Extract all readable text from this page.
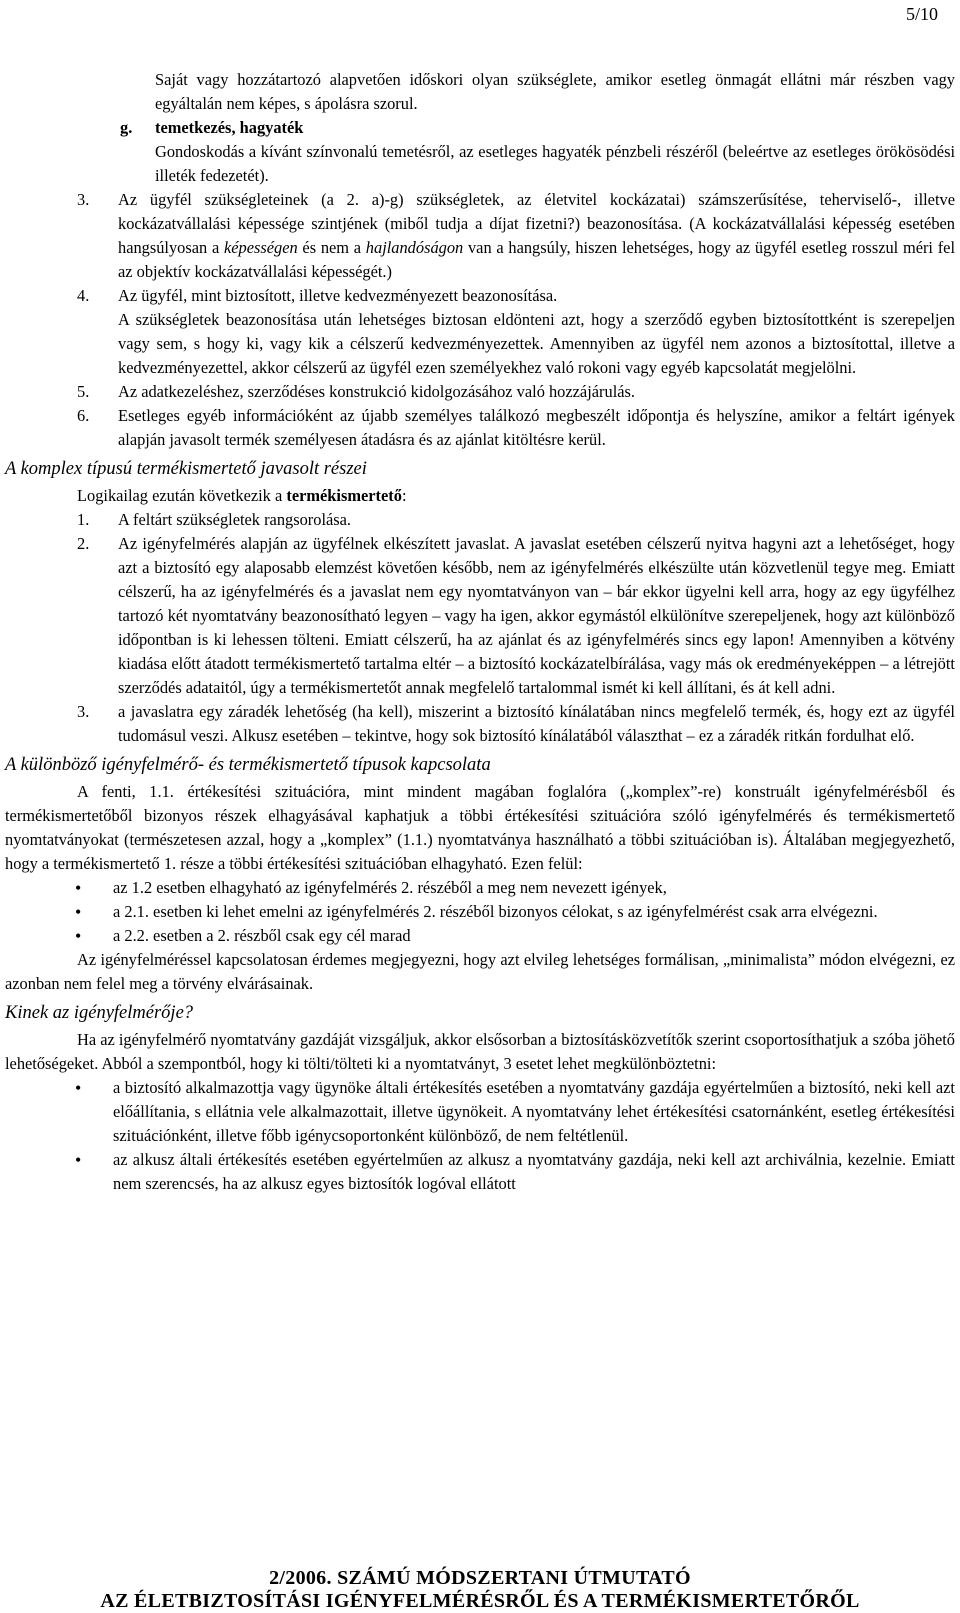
5/10

Saját vagy hozzátartozó alapvetően időskori olyan szükséglete, amikor esetleg önmagát ellátni már részben vagy egyáltalán nem képes, s ápolásra szorul.

g. temetkezés, hagyaték

Gondoskodás a kívánt színvonalú temetésről, az esetleges hagyaték pénzbeli részéről (beleértve az esetleges örökösödési illeték fedezetét).

3. Az ügyfél szükségleteinek (a 2. a)-g) szükségletek, az életvitel kockázatai) számszerűsítése, teherviselő-, illetve kockázatvállalási képessége szintjének (miből tudja a díjat fizetni?) beazonosítása. (A kockázatvállalási képesség esetében hangsúlyosan a képességen és nem a hajlandóságon van a hangsúly, hiszen lehetséges, hogy az ügyfél esetleg rosszul méri fel az objektív kockázatvállalási képességét.)

4. Az ügyfél, mint biztosított, illetve kedvezményezett beazonosítása.

A szükségletek beazonosítása után lehetséges biztosan eldönteni azt, hogy a szerződő egyben biztosítottként is szerepeljen vagy sem, s hogy ki, vagy kik a célszerű kedvezményezettek. Amennyiben az ügyfél nem azonos a biztosítottal, illetve a kedvezményezettel, akkor célszerű az ügyfél ezen személyekhez való rokoni vagy egyéb kapcsolatát megjelölni.

5. Az adatkezeléshez, szerződéses konstrukció kidolgozásához való hozzájárulás.

6. Esetleges egyéb információként az újabb személyes találkozó megbeszélt időpontja és helyszíne, amikor a feltárt igények alapján javasolt termék személyesen átadásra és az ajánlat kitöltésre kerül.

A komplex típusú termékismertető javasolt részei

Logikailag ezután következik a termékismertető:

1. A feltárt szükségletek rangsorolása.

2. Az igényfelmérés alapján az ügyfélnek elkészített javaslat. A javaslat esetében célszerű nyitva hagyni azt a lehetőséget, hogy azt a biztosító egy alaposabb elemzést követően később, nem az igényfelmérés elkészülte után közvetlenül tegye meg. Emiatt célszerű, ha az igényfelmérés és a javaslat nem egy nyomtatványon van – bár ekkor ügyelni kell arra, hogy az egy ügyfélhez tartozó két nyomtatvány beazonosítható legyen – vagy ha igen, akkor egymástól elkülönítve szerepeljenek, hogy azt különböző időpontban is ki lehessen tölteni. Emiatt célszerű, ha az ajánlat és az igényfelmérés sincs egy lapon! Amennyiben a kötvény kiadása előtt átadott termékismertető tartalma eltér – a biztosító kockázatelbírálása, vagy más ok eredményeképpen – a létrejött szerződés adataitól, úgy a termékismertetőt annak megfelelő tartalommal ismét ki kell állítani, és át kell adni.

3. a javaslatra egy záradék lehetőség (ha kell), miszerint a biztosító kínálatában nincs megfelelő termék, és, hogy ezt az ügyfél tudomásul veszi. Alkusz esetében – tekintve, hogy sok biztosító kínálatából választhat – ez a záradék ritkán fordulhat elő.

A különböző igényfelmérő- és termékismertető típusok kapcsolata

A fenti, 1.1. értékesítési szituációra, mint mindent magában foglalóra („komplex”-re) konstruált igényfelmérésből és termékismertetőből bizonyos részek elhagyásával kaphatjuk a többi értékesítési szituációra szóló igényfelmérés és termékismertető nyomtatványokat (természetesen azzal, hogy a „komplex” (1.1.) nyomtatványa használható a többi szituációban is). Általában megjegyezhető, hogy a termékismertető 1. része a többi értékesítési szituációban elhagyható. Ezen felül:

• az 1.2 esetben elhagyható az igényfelmérés 2. részéből a meg nem nevezett igények,
• a 2.1. esetben ki lehet emelni az igényfelmérés 2. részéből bizonyos célokat, s az igényfelmérést csak arra elvégezni.
• a 2.2. esetben a 2. részből csak egy cél marad

Az igényfelméréssel kapcsolatosan érdemes megjegyezni, hogy azt elvileg lehetséges formálisan, „minimalista” módon elvégezni, ez azonban nem felel meg a törvény elvárásainak.

Kinek az igényfelmérője?

Ha az igényfelmérő nyomtatvány gazdáját vizsgáljuk, akkor elsősorban a biztosításközvetítők szerint csoportosíthatjuk a szóba jöhető lehetőségeket. Abból a szempontból, hogy ki tölti/tölteti ki a nyomtatványt, 3 esetet lehet megkülönböztetni:

• a biztosító alkalmazottja vagy ügynöke általi értékesítés esetében a nyomtatvány gazdája egyértelműen a biztosító, neki kell azt előállítania, s ellátnia vele alkalmazottait, illetve ügynökeit. A nyomtatvány lehet értékesítési csatornánként, esetleg értékesítési szituációnként, illetve főbb igénycsoportonként különböző, de nem feltétlenül.
• az alkusz általi értékesítés esetében egyértelműen az alkusz a nyomtatvány gazdája, neki kell azt archiválnia, kezelnie. Emiatt nem szerencsés, ha az alkusz egyes biztosítók logóval ellátott
2/2006. SZÁMÚ MÓDSZERTANI ÚTMUTATÓ
AZ ÉLETBIZTOSÍTÁSI IGÉNYFELMÉRÉSRŐL ÉS A TERMÉKISMERTETŐRŐL
